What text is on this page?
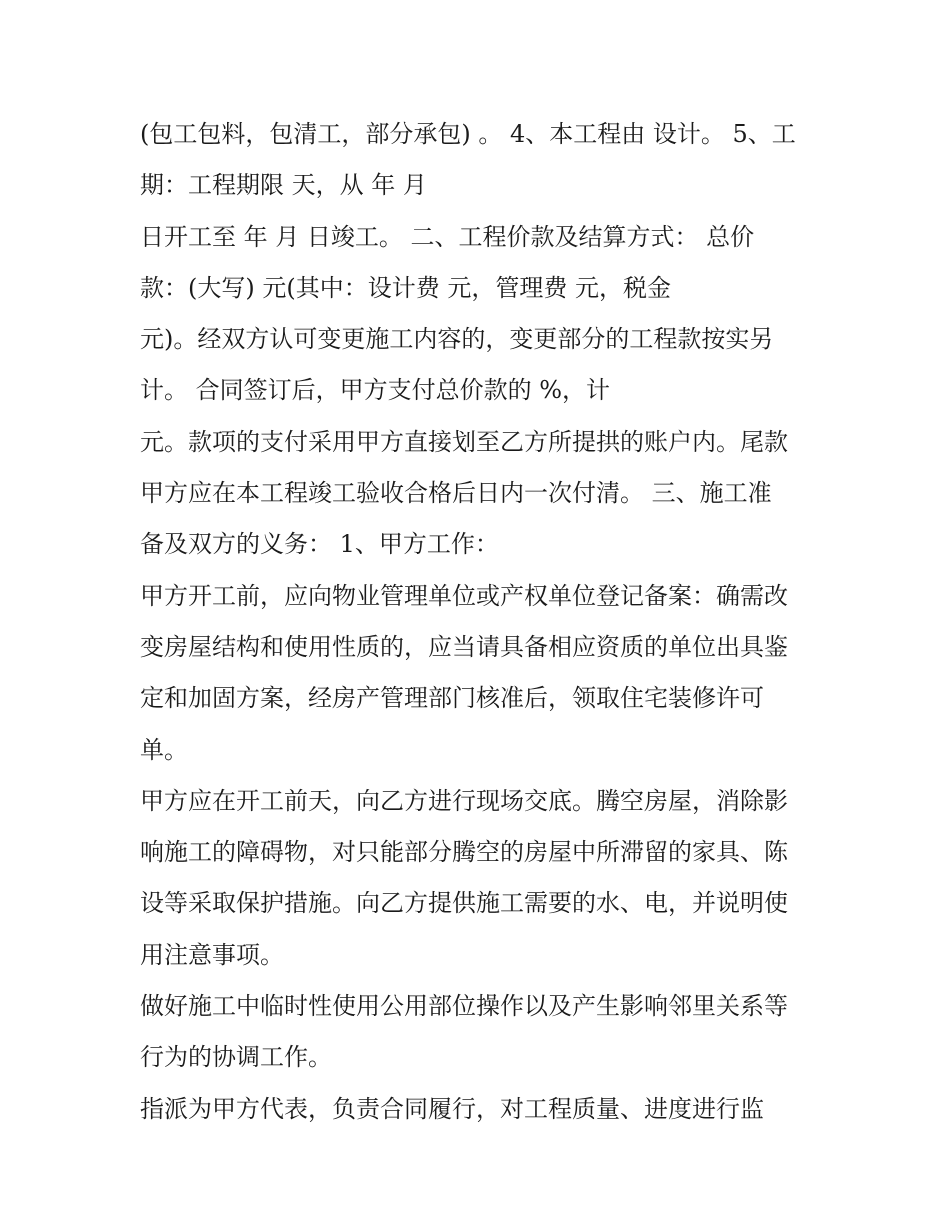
(包工包料，包清工，部分承包) 。 4、本工程由 设计。 5、工
期：工程期限 天，从 年 月
日开工至 年 月 日竣工。 二、工程价款及结算方式： 总价
款：(大写) 元(其中：设计费 元，管理费 元，税金
元)。经双方认可变更施工内容的，变更部分的工程款按实另
计。 合同签订后，甲方支付总价款的 %，计
元。款项的支付采用甲方直接划至乙方所提拱的账户内。尾款
甲方应在本工程竣工验收合格后日内一次付清。 三、施工准
备及双方的义务： 1、甲方工作：
甲方开工前，应向物业管理单位或产权单位登记备案：确需改
变房屋结构和使用性质的，应当请具备相应资质的单位出具鉴
定和加固方案，经房产管理部门核准后，领取住宅装修许可
单。
甲方应在开工前天，向乙方进行现场交底。腾空房屋，消除影
响施工的障碍物，对只能部分腾空的房屋中所滞留的家具、陈
设等采取保护措施。向乙方提供施工需要的水、电，并说明使
用注意事项。
做好施工中临时性使用公用部位操作以及产生影响邻里关系等
行为的协调工作。
指派为甲方代表，负责合同履行，对工程质量、进度进行监
